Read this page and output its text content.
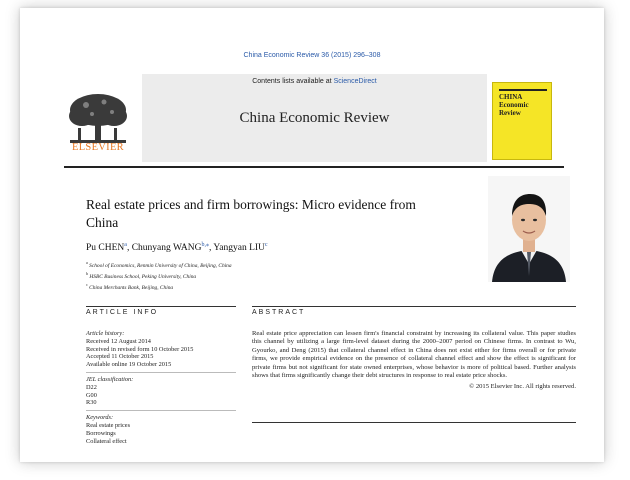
China Economic Review 36 (2015) 296–308
ELSEVIER
Contents lists available at ScienceDirect
China Economic Review
CHINA Economic Review
Real estate prices and firm borrowings: Micro evidence from China
Pu CHEN$^a$, Chunyang $WANG^{b,⁎}$, Yangyan LIU$^c$
$^a$ School of Economics, Renmin University of China, Beijing, China
$^b$ HSBC Business School, Peking University, China
$^c$ China Merchants Bank, Beijing, China
ARTICLE INFO	ABSTRACT
Article history:
Received 12 August 2014
Received in revised form 10 October 2015
Accepted 11 October 2015
Available online 19 October 2015
JEL classification:
D22
G00
R30
Keywords:
Real estate prices
Borrowings
Collateral effect
Real estate price appreciation can lessen firm's financial constraint by increasing its collateral value. This paper studies this channel by utilizing a large firm-level dataset during the 2000–2007 period on Chinese firms. In contrast to Wu, Gyourko, and Deng (2015) that collateral channel effect in China does not exist either for firms overall or for private firms, we provide empirical evidence on the presence of collateral channel effect and show the effect is significant for private firms but not significant for state owned enterprises, whose behavior is more of political based. Further analysis shows that firms significantly change their debt structures in response to real estate price shocks.
© 2015 Elsevier Inc. All rights reserved.
